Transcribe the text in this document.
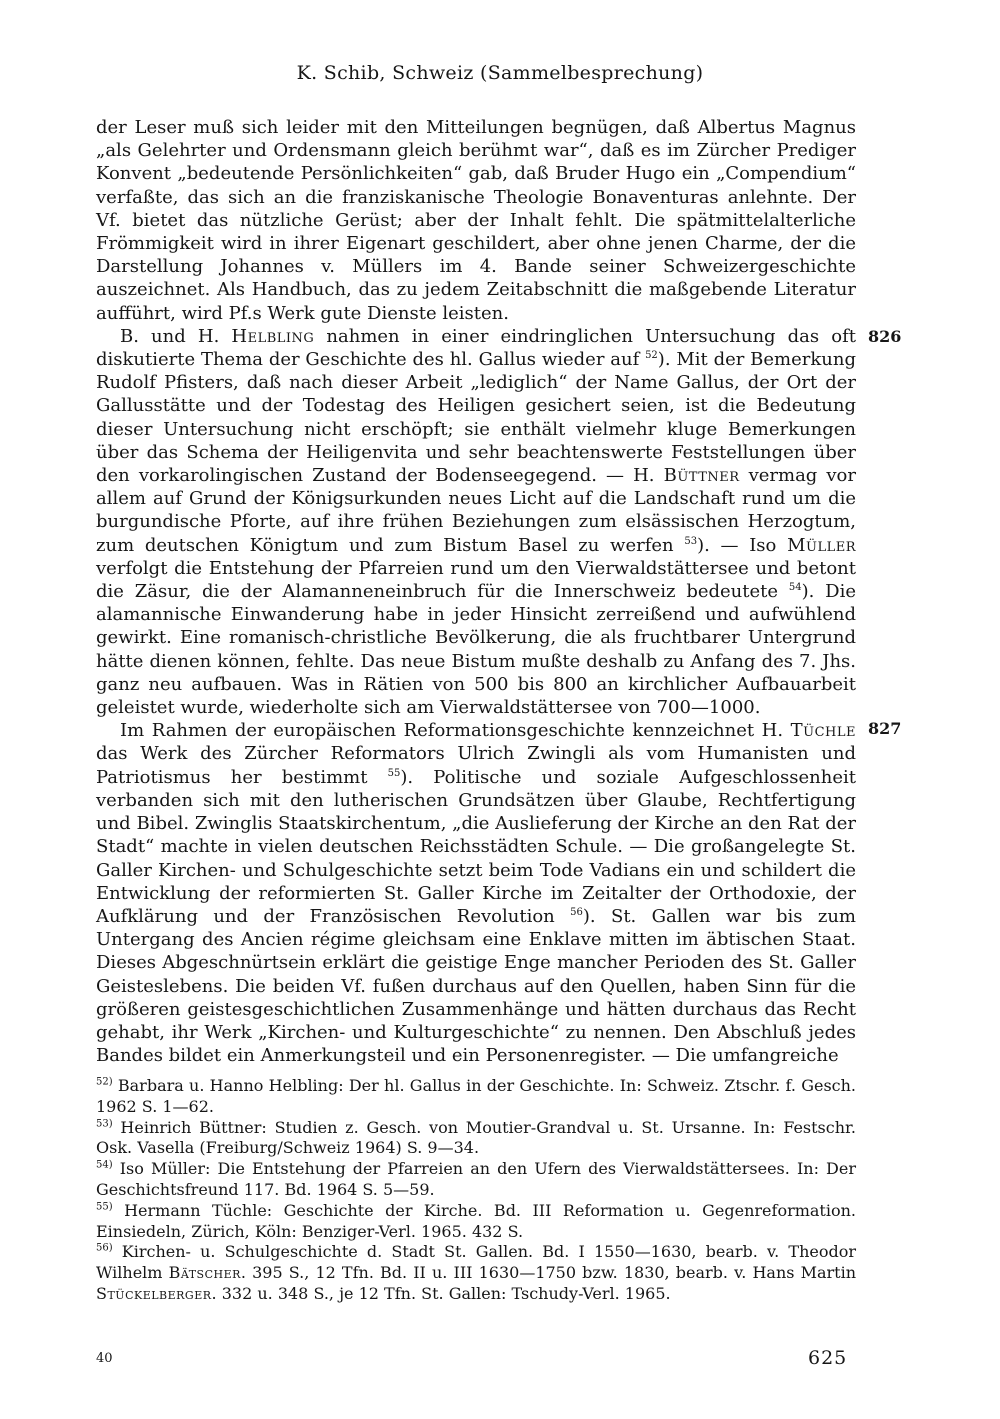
K. Schib, Schweiz (Sammelbesprechung)

der Leser muß sich leider mit den Mitteilungen begnügen, daß Albertus Magnus „als Gelehrter und Ordensmann gleich berühmt war“, daß es im Zürcher Prediger Konvent „bedeutende Persönlichkeiten“ gab, daß Bruder Hugo ein „Compendium“ verfaßte, das sich an die franziskanische Theologie Bonaventuras anlehnte. Der Vf. bietet das nützliche Gerüst; aber der Inhalt fehlt. Die spätmittelalterliche Frömmigkeit wird in ihrer Eigenart geschildert, aber ohne jenen Charme, der die Darstellung Johannes v. Müllers im 4. Bande seiner Schweizergeschichte auszeichnet. Als Handbuch, das zu jedem Zeitabschnitt die maßgebende Literatur aufführt, wird Pf.s Werk gute Dienste leisten.

B. und H. Helbling nahmen in einer eindringlichen Untersuchung das oft diskutierte Thema der Geschichte des hl. Gallus wieder auf $^{52}$). Mit der Bemerkung Rudolf Pfisters, daß nach dieser Arbeit „lediglich“ der Name Gallus, der Ort der Gallusstätte und der Todestag des Heiligen gesichert seien, ist die Bedeutung dieser Untersuchung nicht erschöpft; sie enthält vielmehr kluge Bemerkungen über das Schema der Heiligenvita und sehr beachtenswerte Feststellungen über den vorkarolingischen Zustand der Bodenseegegend. — H. Büttner vermag vor allem auf Grund der Königsurkunden neues Licht auf die Landschaft rund um die burgundische Pforte, auf ihre frühen Beziehungen zum elsässischen Herzogtum, zum deutschen Königtum und zum Bistum Basel zu werfen $^{53}$). — Iso Müller verfolgt die Entstehung der Pfarreien rund um den Vierwaldstättersee und betont die Zäsur, die der Alamanneneinbruch für die Innerschweiz bedeutete $^{54}$). Die alamannische Einwanderung habe in jeder Hinsicht zerreißend und aufwühlend gewirkt. Eine romanisch-christliche Bevölkerung, die als fruchtbarer Untergrund hätte dienen können, fehlte. Das neue Bistum mußte deshalb zu Anfang des 7. Jhs. ganz neu aufbauen. Was in Rätien von 500 bis 800 an kirchlicher Aufbauarbeit geleistet wurde, wiederholte sich am Vierwaldstättersee von 700—1000.

Im Rahmen der europäischen Reformationsgeschichte kennzeichnet H. Tüchle das Werk des Zürcher Reformators Ulrich Zwingli als vom Humanisten und Patriotismus her bestimmt $^{55}$). Politische und soziale Aufgeschlossenheit verbanden sich mit den lutherischen Grundsätzen über Glaube, Rechtfertigung und Bibel. Zwinglis Staatskirchentum, „die Auslieferung der Kirche an den Rat der Stadt“ machte in vielen deutschen Reichsstädten Schule. — Die großangelegte St. Galler Kirchen- und Schulgeschichte setzt beim Tode Vadians ein und schildert die Entwicklung der reformierten St. Galler Kirche im Zeitalter der Orthodoxie, der Aufklärung und der Französischen Revolution $^{56}$). St. Gallen war bis zum Untergang des Ancien régime gleichsam eine Enklave mitten im äbtischen Staat. Dieses Abgeschnürtsein erklärt die geistige Enge mancher Perioden des St. Galler Geisteslebens. Die beiden Vf. fußen durchaus auf den Quellen, haben Sinn für die größeren geistesgeschichtlichen Zusammenhänge und hätten durchaus das Recht gehabt, ihr Werk „Kirchen- und Kulturgeschichte“ zu nennen. Den Abschluß jedes Bandes bildet ein Anmerkungsteil und ein Personenregister. — Die umfangreiche

826
827

$^{52)}$ Barbara u. Hanno Helbling: Der hl. Gallus in der Geschichte. In: Schweiz. Ztschr. f. Gesch. 1962 S. 1—62.

$^{53)}$ Heinrich Büttner: Studien z. Gesch. von Moutier-Grandval u. St. Ursanne. In: Festschr. Osk. Vasella (Freiburg/Schweiz 1964) S. 9—34.

$^{54)}$ Iso Müller: Die Entstehung der Pfarreien an den Ufern des Vierwaldstättersees. In: Der Geschichtsfreund 117. Bd. 1964 S. 5—59.

$^{55)}$ Hermann Tüchle: Geschichte der Kirche. Bd. III Reformation u. Gegenreformation. Einsiedeln, Zürich, Köln: Benziger-Verl. 1965. 432 S.

$^{56)}$ Kirchen- u. Schulgeschichte d. Stadt St. Gallen. Bd. I 1550—1630, bearb. v. Theodor Wilhelm Bätscher. 395 S., 12 Tfn. Bd. II u. III 1630—1750 bzw. 1830, bearb. v. Hans Martin Stückelberger. 332 u. 348 S., je 12 Tfn. St. Gallen: Tschudy-Verl. 1965.

40	625
